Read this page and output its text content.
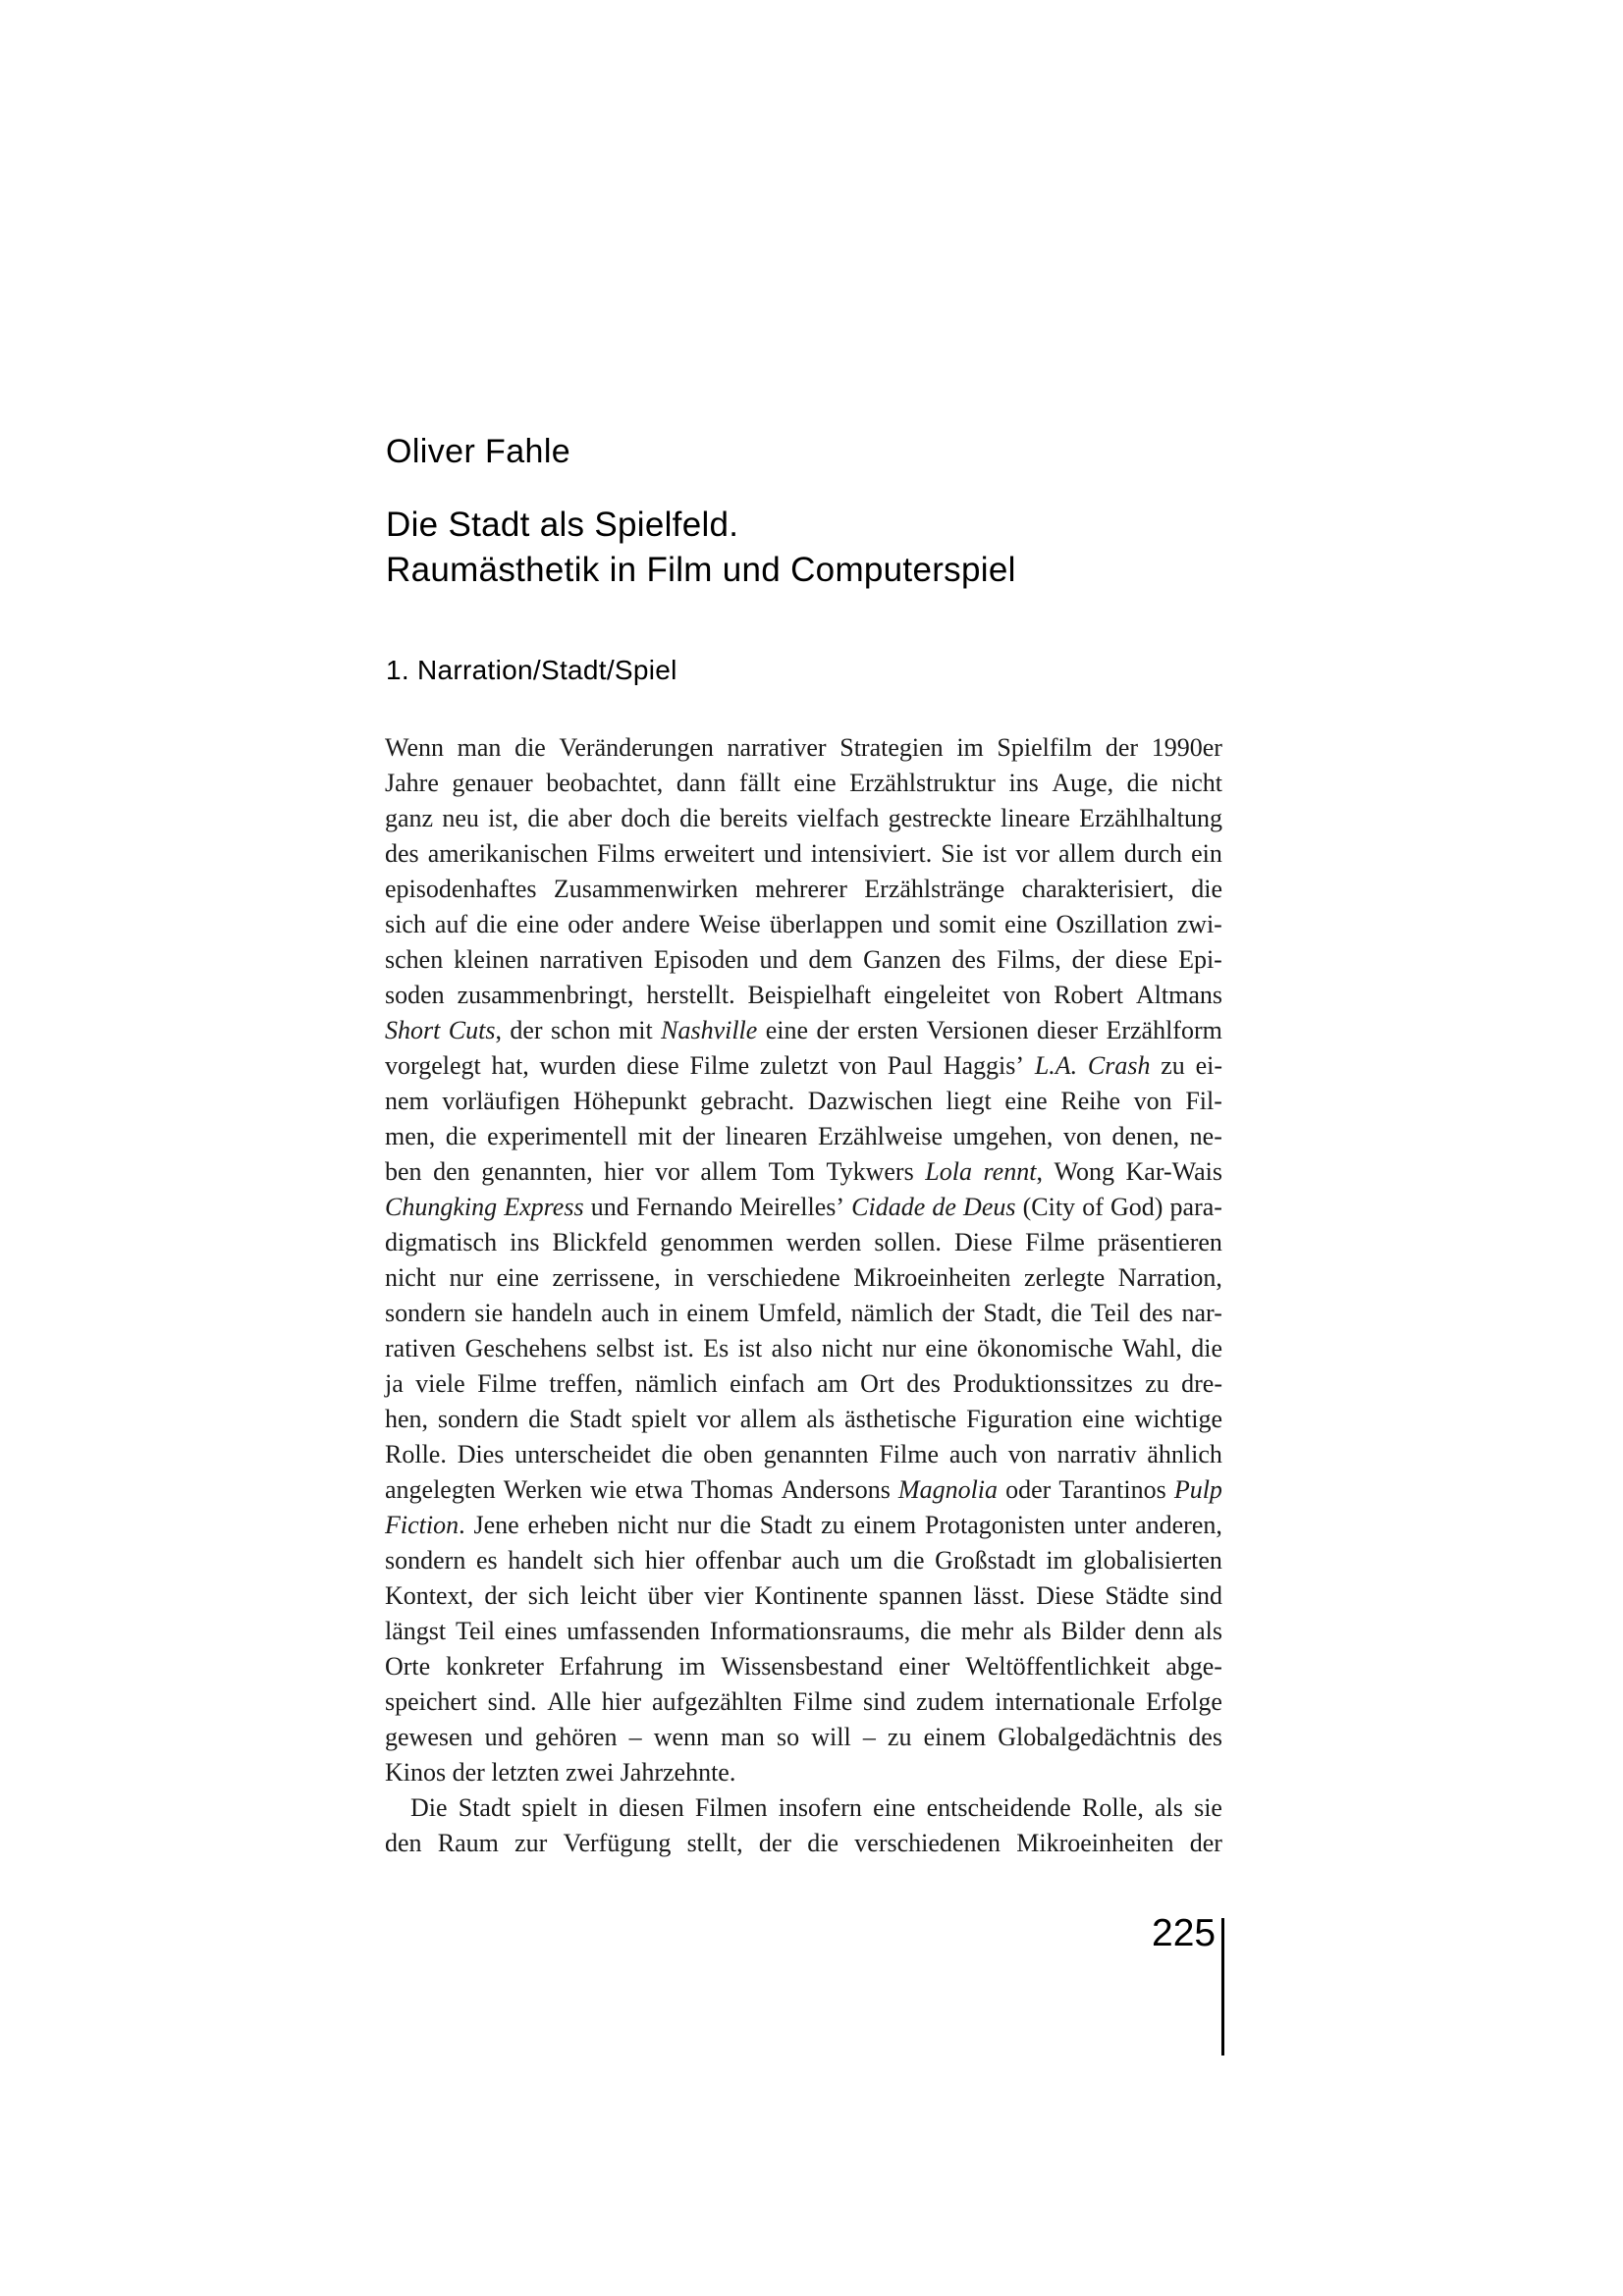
Oliver Fahle
Die Stadt als Spielfeld.
Raumästhetik in Film und Computerspiel
1. Narration/Stadt/Spiel
Wenn man die Veränderungen narrativer Strategien im Spielfilm der 1990er
Jahre genauer beobachtet, dann fällt eine Erzählstruktur ins Auge, die nicht
ganz neu ist, die aber doch die bereits vielfach gestreckte lineare Erzählhaltung
des amerikanischen Films erweitert und intensiviert. Sie ist vor allem durch ein
episodenhaftes Zusammenwirken mehrerer Erzählstränge charakterisiert, die
sich auf die eine oder andere Weise überlappen und somit eine Oszillation zwi-
schen kleinen narrativen Episoden und dem Ganzen des Films, der diese Epi-
soden zusammenbringt, herstellt. Beispielhaft eingeleitet von Robert Altmans
Short Cuts, der schon mit Nashville eine der ersten Versionen dieser Erzählform
vorgelegt hat, wurden diese Filme zuletzt von Paul Haggis’ L.A. Crash zu ei-
nem vorläufigen Höhepunkt gebracht. Dazwischen liegt eine Reihe von Fil-
men, die experimentell mit der linearen Erzählweise umgehen, von denen, ne-
ben den genannten, hier vor allem Tom Tykwers Lola rennt, Wong Kar-Wais
Chungking Express und Fernando Meirelles’ Cidade de Deus (City of God) para-
digmatisch ins Blickfeld genommen werden sollen. Diese Filme präsentieren
nicht nur eine zerrissene, in verschiedene Mikroeinheiten zerlegte Narration,
sondern sie handeln auch in einem Umfeld, nämlich der Stadt, die Teil des nar-
rativen Geschehens selbst ist. Es ist also nicht nur eine ökonomische Wahl, die
ja viele Filme treffen, nämlich einfach am Ort des Produktionssitzes zu dre-
hen, sondern die Stadt spielt vor allem als ästhetische Figuration eine wichtige
Rolle. Dies unterscheidet die oben genannten Filme auch von narrativ ähnlich
angelegten Werken wie etwa Thomas Andersons Magnolia oder Tarantinos Pulp
Fiction. Jene erheben nicht nur die Stadt zu einem Protagonisten unter anderen,
sondern es handelt sich hier offenbar auch um die Großstadt im globalisierten
Kontext, der sich leicht über vier Kontinente spannen lässt. Diese Städte sind
längst Teil eines umfassenden Informationsraums, die mehr als Bilder denn als
Orte konkreter Erfahrung im Wissensbestand einer Weltöffentlichkeit abge-
speichert sind. Alle hier aufgezählten Filme sind zudem internationale Erfolge
gewesen und gehören – wenn man so will – zu einem Globalgedächtnis des
Kinos der letzten zwei Jahrzehnte.
Die Stadt spielt in diesen Filmen insofern eine entscheidende Rolle, als sie
den Raum zur Verfügung stellt, der die verschiedenen Mikroeinheiten der
225
